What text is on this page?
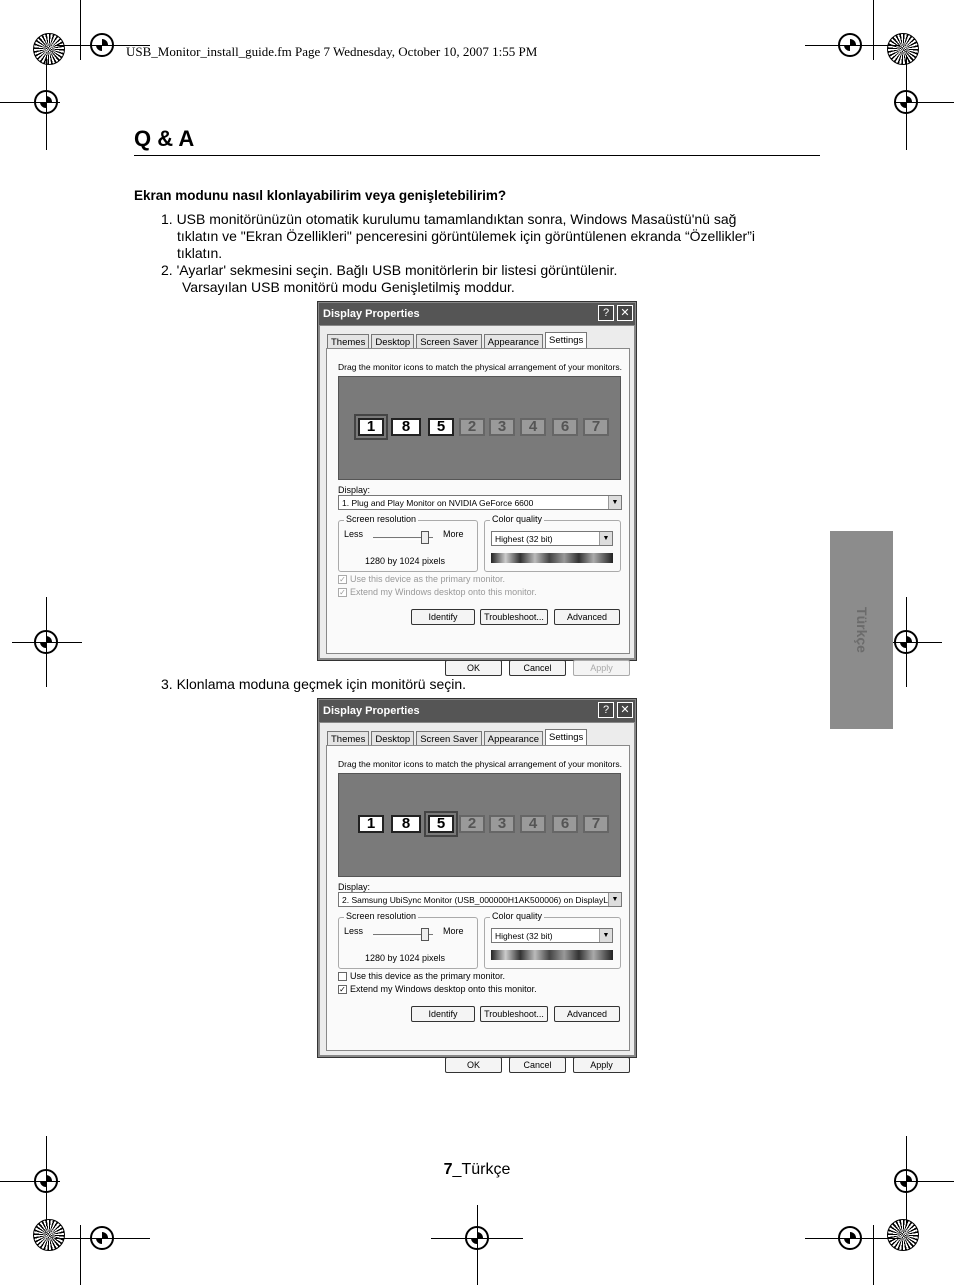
USB_Monitor_install_guide.fm Page 7 Wednesday, October 10, 2007 1:55 PM
Q & A
Ekran modunu nasıl klonlayabilirim veya genişletebilirim?
1. USB monitörünüzün otomatik kurulumu tamamlandıktan sonra, Windows Masaüstü'nü sağ
tıklatın ve "Ekran Özellikleri" penceresini görüntülemek için görüntülenen ekranda “Özellikler”i
tıklatın.
2. 'Ayarlar' sekmesini seçin. Bağlı USB monitörlerin bir listesi görüntülenir.
Varsayılan USB monitörü modu Genişletilmiş moddur.
3. Klonlama moduna geçmek için monitörü seçin.
Türkçe
Display Properties	?	✕
Themes	Desktop	Screen Saver	Appearance	Settings
Drag the monitor icons to match the physical arrangement of your monitors.
1	8	5	2	3	4	6	7
Display:
1. Plug and Play Monitor on NVIDIA GeForce 6600	▼
Screen resolution
Less	More
1280 by 1024 pixels
Color quality
Highest (32 bit)	▼
✓ Use this device as the primary monitor.
✓ Extend my Windows desktop onto this monitor.
Identify	Troubleshoot...	Advanced
OK	Cancel	Apply
Display Properties	?	✕
Themes	Desktop	Screen Saver	Appearance	Settings
Drag the monitor icons to match the physical arrangement of your monitors.
1	8	5	2	3	4	6	7
Display:
2. Samsung UbiSync Monitor (USB_000000H1AK500006) on DisplayL ▼
Screen resolution
Less	More
1280 by 1024 pixels
Color quality
Highest (32 bit)	▼
Use this device as the primary monitor.
✓ Extend my Windows desktop onto this monitor.
Identify	Troubleshoot...	Advanced
OK	Cancel	Apply
7_Türkçe
